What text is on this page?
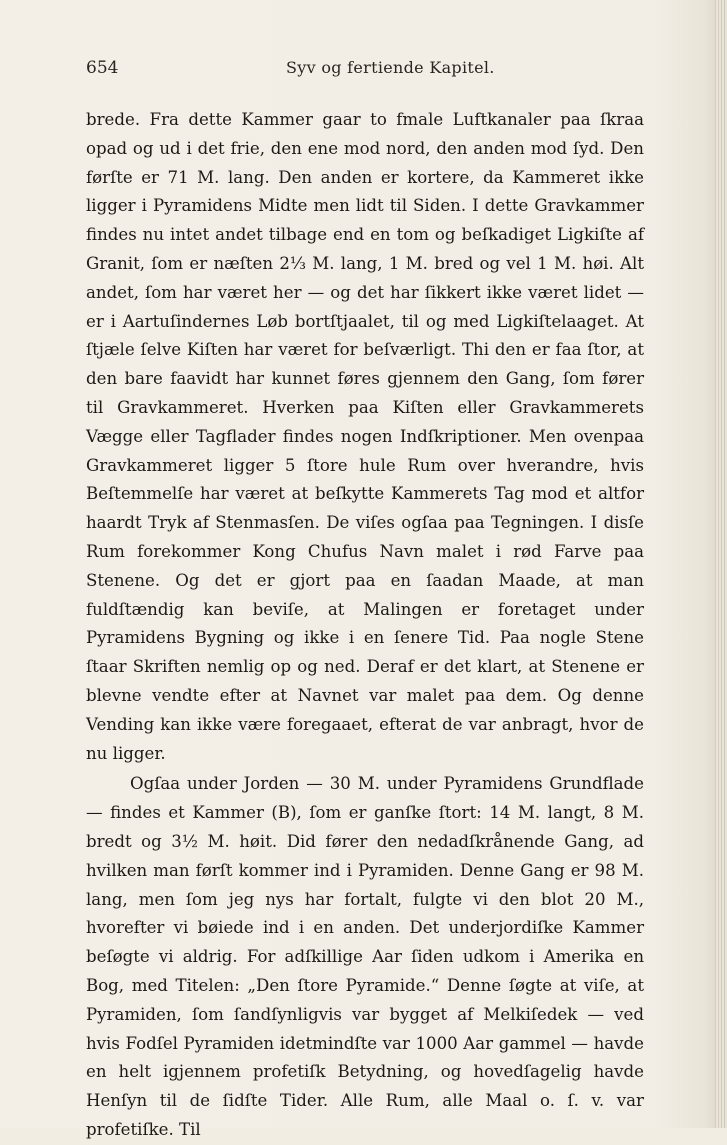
654	Syv og fertiende Kapitel.

brede. Fra dette Kammer gaar to fmale Luftkanaler paa ſkraa opad og ud i det frie, den ene mod nord, den anden mod ſyd. Den førſte er 71 M. lang. Den anden er kortere, da Kammeret ikke ligger i Pyramidens Midte men lidt til Siden. I dette Gravkammer findes nu intet andet tilbage end en tom og beſkadiget Ligkiſte af Granit, ſom er næſten 2⅓ M. lang, 1 M. bred og vel 1 M. høi. Alt andet, ſom har været her — og det har ſikkert ikke været lidet — er i Aartuſindernes Løb bortſtjaalet, til og med Ligkiſtelaaget. At ſtjæle ſelve Kiſten har været for beſværligt. Thi den er faa ſtor, at den bare faavidt har kunnet føres gjennem den Gang, ſom fører til Gravkammeret. Hverken paa Kiſten eller Gravkammerets Vægge eller Tagflader findes nogen Indſkriptioner. Men ovenpaa Gravkammeret ligger 5 ſtore hule Rum over hverandre, hvis Beſtemmelſe har været at beſkytte Kammerets Tag mod et altfor haardt Tryk af Stenmasſen. De viſes ogſaa paa Tegningen. I disſe Rum forekommer Kong Chufus Navn malet i rød Farve paa Stenene. Og det er gjort paa en ſaadan Maade, at man fuldſtændig kan beviſe, at Malingen er foretaget under Pyramidens Bygning og ikke i en ſenere Tid. Paa nogle Stene ſtaar Skriften nemlig op og ned. Deraf er det klart, at Stenene er blevne vendte efter at Navnet var malet paa dem. Og denne Vending kan ikke være foregaaet, efterat de var anbragt, hvor de nu ligger.

Ogſaa under Jorden — 30 M. under Pyramidens Grundflade — findes et Kammer (B), ſom er ganſke ſtort: 14 M. langt, 8 M. bredt og 3½ M. høit. Did fører den nedadſkrånende Gang, ad hvilken man førſt kommer ind i Pyramiden. Denne Gang er 98 M. lang, men ſom jeg nys har fortalt, fulgte vi den blot 20 M., hvorefter vi bøiede ind i en anden. Det underjordiſke Kammer beſøgte vi aldrig. For adſkillige Aar ſiden udkom i Amerika en Bog, med Titelen: „Den ſtore Pyramide.“ Denne ſøgte at viſe, at Pyramiden, ſom ſandſynligvis var bygget af Melkiſedek — ved hvis Fodſel Pyramiden idetmindſte var 1000 Aar gammel — havde en helt igjennem profetiſk Betydning, og hovedſagelig havde Henſyn til de ſidſte Tider. Alle Rum, alle Maal o. ſ. v. var profetiſke. Til
